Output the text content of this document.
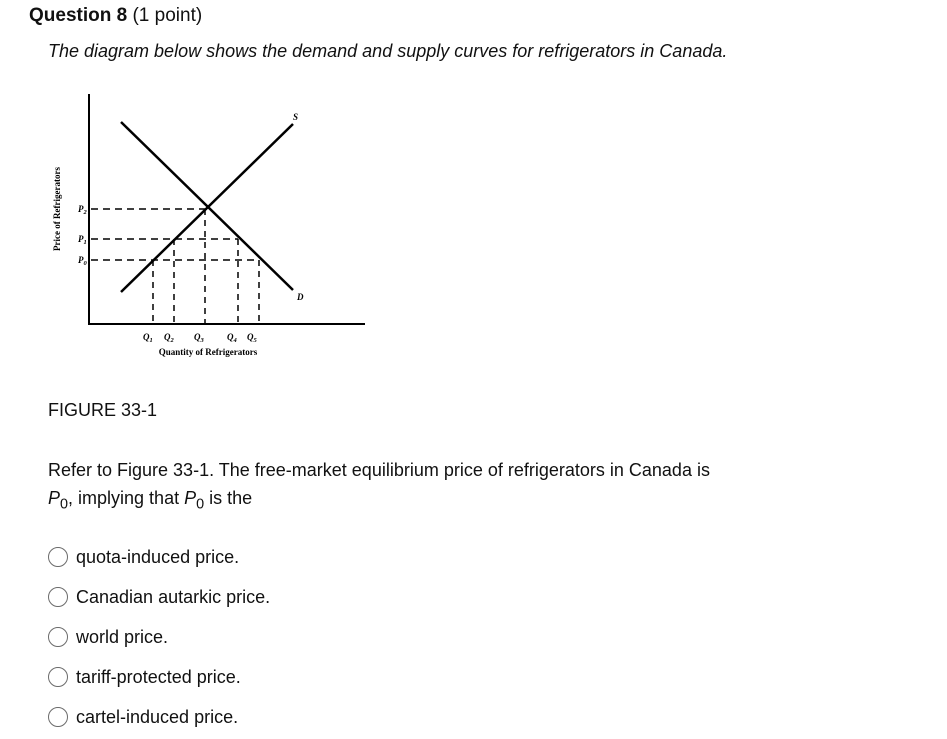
Question 8 (1 point)
The diagram below shows the demand and supply curves for refrigerators in Canada.
S
D
$P_2$
$P_1$
$P_0$
$Q_1$ $Q_2$ $Q_3$	$Q_4$ $Q_5$
Quantity of Refrigerators
Price of Refrigerators
FIGURE 33-1
Refer to Figure 33-1. The free-market equilibrium price of refrigerators in Canada is
$P_0$, implying that $P_0$ is the
quota-induced price.
Canadian autarkic price.
world price.
tariff-protected price.
cartel-induced price.
